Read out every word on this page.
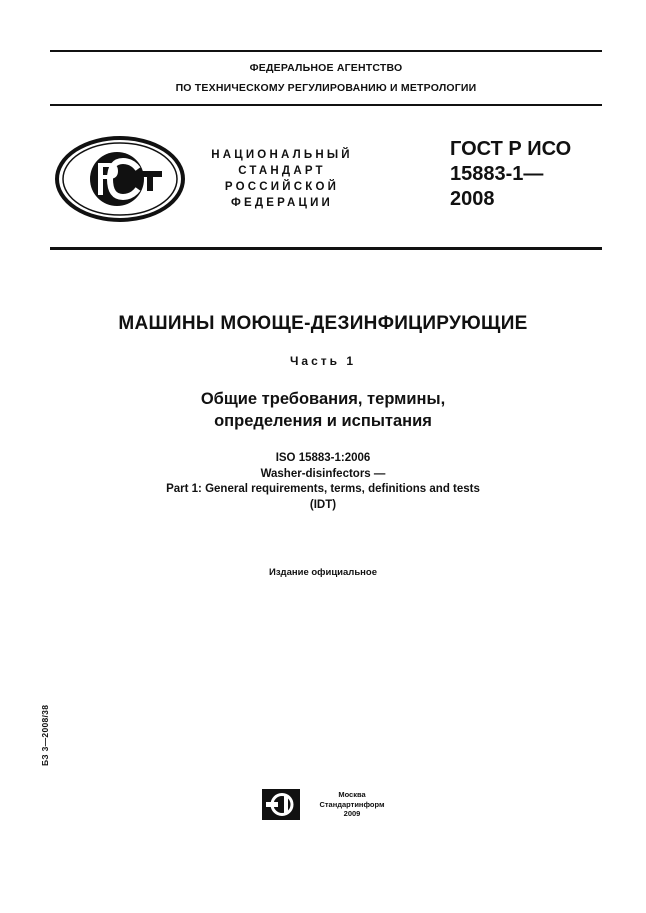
ФЕДЕРАЛЬНОЕ АГЕНТСТВО
ПО ТЕХНИЧЕСКОМУ РЕГУЛИРОВАНИЮ И МЕТРОЛОГИИ
НАЦИОНАЛЬНЫЙ
СТАНДАРТ
РОССИЙСКОЙ
ФЕДЕРАЦИИ
ГОСТ Р ИСО
15883-1—
2008
МАШИНЫ МОЮЩЕ-ДЕЗИНФИЦИРУЮЩИЕ
Часть 1
Общие требования, термины,
определения и испытания
ISO 15883-1:2006
Washer-disinfectors —
Part 1: General requirements, terms, definitions and tests
(IDT)
Издание официальное
БЗ 3—2008/38
Москва
Стандартинформ
2009
